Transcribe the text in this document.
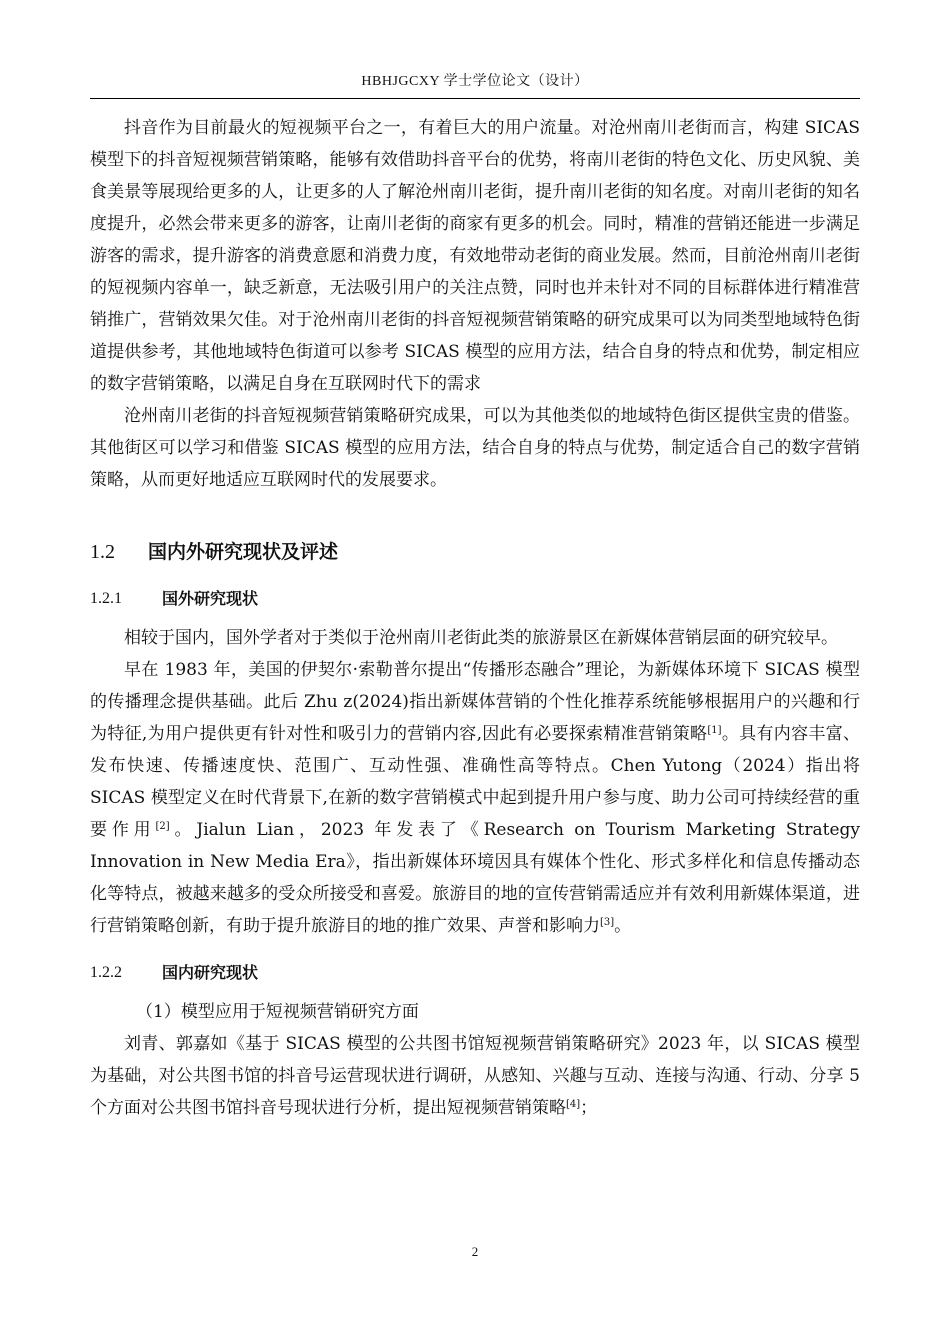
HBHJGCXY 学士学位论文（设计）

抖音作为目前最火的短视频平台之一，有着巨大的用户流量。对沧州南川老街而言，构建 SICAS 模型下的抖音短视频营销策略，能够有效借助抖音平台的优势，将南川老街的特色文化、历史风貌、美食美景等展现给更多的人，让更多的人了解沧州南川老街，提升南川老街的知名度。对南川老街的知名度提升，必然会带来更多的游客，让南川老街的商家有更多的机会。同时，精准的营销还能进一步满足游客的需求，提升游客的消费意愿和消费力度，有效地带动老街的商业发展。然而，目前沧州南川老街的短视频内容单一，缺乏新意，无法吸引用户的关注点赞，同时也并未针对不同的目标群体进行精准营销推广，营销效果欠佳。对于沧州南川老街的抖音短视频营销策略的研究成果可以为同类型地域特色街道提供参考，其他地域特色街道可以参考 SICAS 模型的应用方法，结合自身的特点和优势，制定相应的数字营销策略，以满足自身在互联网时代下的需求

沧州南川老街的抖音短视频营销策略研究成果，可以为其他类似的地域特色街区提供宝贵的借鉴。其他街区可以学习和借鉴 SICAS 模型的应用方法，结合自身的特点与优势，制定适合自己的数字营销策略，从而更好地适应互联网时代的发展要求。

1.2	国内外研究现状及评述
1.2.1	国外研究现状

相较于国内，国外学者对于类似于沧州南川老街此类的旅游景区在新媒体营销层面的研究较早。

早在 1983 年，美国的伊契尔·索勒普尔提出“传播形态融合”理论，为新媒体环境下 SICAS 模型的传播理念提供基础。此后 Zhu z(2024)指出新媒体营销的个性化推荐系统能够根据用户的兴趣和行为特征,为用户提供更有针对性和吸引力的营销内容,因此有必要探索精准营销策略[1]。具有内容丰富、发布快速、传播速度快、范围广、互动性强、准确性高等特点。Chen Yutong（2024）指出将 SICAS 模型定义在时代背景下,在新的数字营销模式中起到提升用户参与度、助力公司可持续经营的重要作用[2]。Jialun Lian，2023 年发表了《Research on Tourism Marketing Strategy Innovation in New Media Era》，指出新媒体环境因具有媒体个性化、形式多样化和信息传播动态化等特点，被越来越多的受众所接受和喜爱。旅游目的地的宣传营销需适应并有效利用新媒体渠道，进行营销策略创新，有助于提升旅游目的地的推广效果、声誉和影响力[3]。

1.2.2	国内研究现状

（1）模型应用于短视频营销研究方面

刘青、郭嘉如《基于 SICAS 模型的公共图书馆短视频营销策略研究》2023 年，以 SICAS 模型为基础，对公共图书馆的抖音号运营现状进行调研，从感知、兴趣与互动、连接与沟通、行动、分享 5 个方面对公共图书馆抖音号现状进行分析，提出短视频营销策略[4]；

2
